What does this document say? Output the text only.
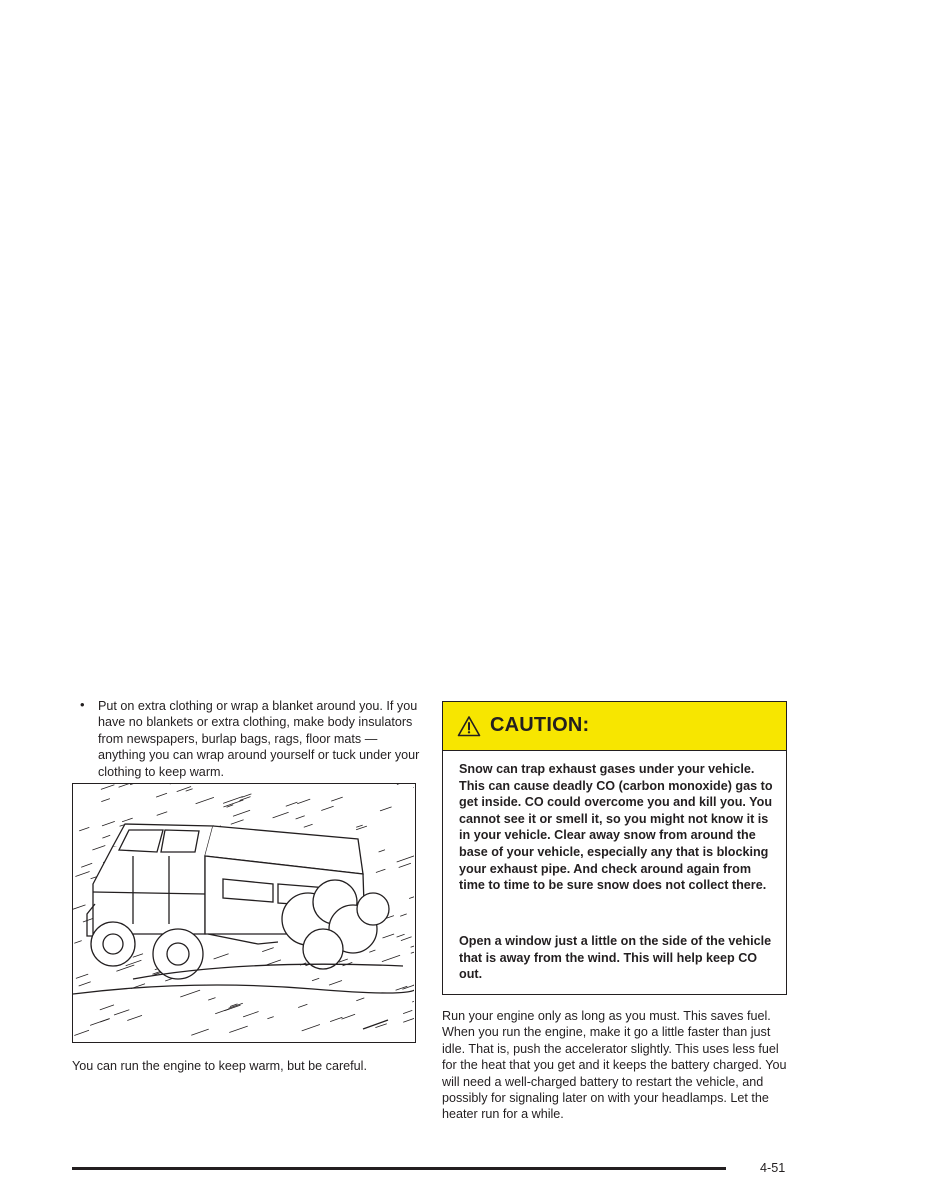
• Put on extra clothing or wrap a blanket around you. If you have no blankets or extra clothing, make body insulators from newspapers, burlap bags, rags, floor mats — anything you can wrap around yourself or tuck under your clothing to keep warm.
You can run the engine to keep warm, but be careful.
CAUTION:
Snow can trap exhaust gases under your vehicle. This can cause deadly CO (carbon monoxide) gas to get inside. CO could overcome you and kill you. You cannot see it or smell it, so you might not know it is in your vehicle. Clear away snow from around the base of your vehicle, especially any that is blocking your exhaust pipe. And check around again from time to time to be sure snow does not collect there.
Open a window just a little on the side of the vehicle that is away from the wind. This will help keep CO out.
Run your engine only as long as you must. This saves fuel. When you run the engine, make it go a little faster than just idle. That is, push the accelerator slightly. This uses less fuel for the heat that you get and it keeps the battery charged. You will need a well-charged battery to restart the vehicle, and possibly for signaling later on with your headlamps. Let the heater run for a while.
4-51
